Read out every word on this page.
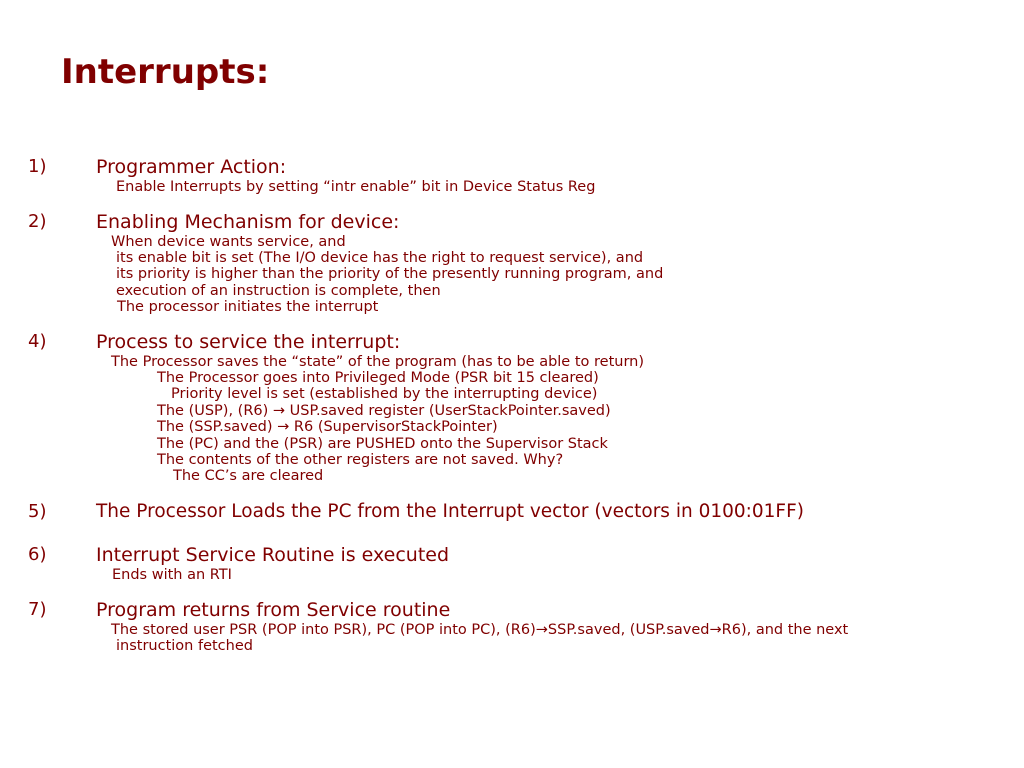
Interrupts:
1)	Programmer Action:
Enable Interrupts by setting “intr enable” bit in Device Status Reg
2)	Enabling Mechanism for device:
When device wants service, and
its enable bit is set (The I/O device has the right to request service), and
its priority is higher than the priority of the presently running program, and
execution of an instruction is complete, then
The processor initiates the interrupt
4)	Process to service the interrupt:
The Processor saves the “state” of the program (has to be able to return)
The Processor goes into Privileged Mode (PSR bit 15 cleared)
Priority level is set (established by the interrupting device)
The (USP), (R6) → USP.saved register (UserStackPointer.saved)
The (SSP.saved) → R6 (SupervisorStackPointer)
The (PC) and the (PSR) are PUSHED onto the Supervisor Stack
The contents of the other registers are not saved. Why?
The CC’s are cleared
5)	The Processor Loads the PC from the Interrupt vector (vectors in 0100:01FF)
6)	Interrupt Service Routine is executed
Ends with an RTI
7)	Program returns from Service routine
The stored user PSR (POP into PSR), PC (POP into PC), (R6)→SSP.saved, (USP.saved→R6), and the next
instruction fetched
